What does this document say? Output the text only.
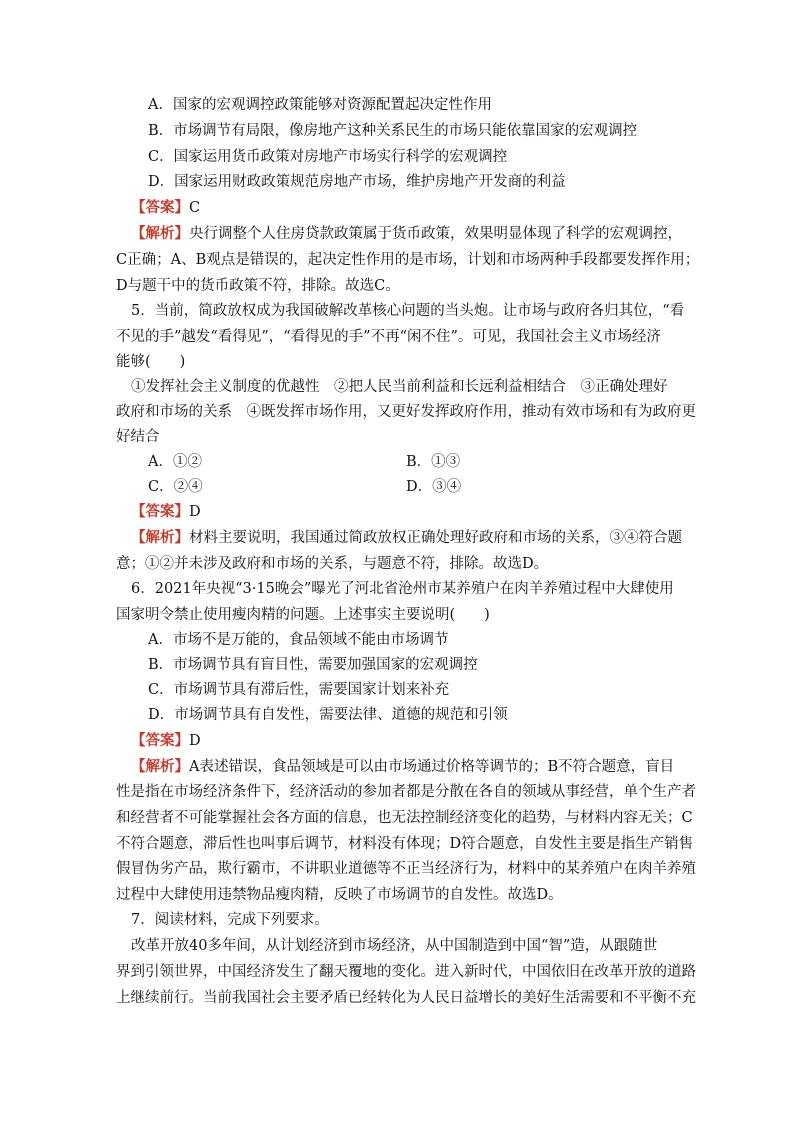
A．国家的宏观调控政策能够对资源配置起决定性作用
B．市场调节有局限，像房地产这种关系民生的市场只能依靠国家的宏观调控
C．国家运用货币政策对房地产市场实行科学的宏观调控
D．国家运用财政政策规范房地产市场，维护房地产开发商的利益
【答案】C
【解析】央行调整个人住房贷款政策属于货币政策，效果明显体现了科学的宏观调控，
C正确；A、B观点是错误的，起决定性作用的是市场，计划和市场两种手段都要发挥作用；
D与题干中的货币政策不符，排除。故选C。
5．当前，简政放权成为我国破解改革核心问题的当头炮。让市场与政府各归其位，“看
不见的手”越发“看得见”，“看得见的手”不再“闲不住”。可见，我国社会主义市场经济
能够(　　)
①发挥社会主义制度的优越性　②把人民当前利益和长远利益相结合　③正确处理好
政府和市场的关系　④既发挥市场作用，又更好发挥政府作用，推动有效市场和有为政府更
好结合
A．①②	B．①③
C．②④	D．③④
【答案】D
【解析】材料主要说明，我国通过简政放权正确处理好政府和市场的关系，③④符合题
意；①②并未涉及政府和市场的关系，与题意不符，排除。故选D。
6．2021年央视“3·15晚会”曝光了河北省沧州市某养殖户在肉羊养殖过程中大肆使用
国家明令禁止使用瘦肉精的问题。上述事实主要说明(　　)
A．市场不是万能的，食品领域不能由市场调节
B．市场调节具有盲目性，需要加强国家的宏观调控
C．市场调节具有滞后性，需要国家计划来补充
D．市场调节具有自发性，需要法律、道德的规范和引领
【答案】D
【解析】A表述错误，食品领域是可以由市场通过价格等调节的；B不符合题意，盲目
性是指在市场经济条件下，经济活动的参加者都是分散在各自的领域从事经营，单个生产者
和经营者不可能掌握社会各方面的信息，也无法控制经济变化的趋势，与材料内容无关；C
不符合题意，滞后性也叫事后调节，材料没有体现；D符合题意，自发性主要是指生产销售
假冒伪劣产品，欺行霸市，不讲职业道德等不正当经济行为，材料中的某养殖户在肉羊养殖
过程中大肆使用违禁物品瘦肉精，反映了市场调节的自发性。故选D。
7．阅读材料，完成下列要求。
改革开放40多年间，从计划经济到市场经济，从中国制造到中国“智”造，从跟随世
界到引领世界，中国经济发生了翻天覆地的变化。进入新时代，中国依旧在改革开放的道路
上继续前行。当前我国社会主要矛盾已经转化为人民日益增长的美好生活需要和不平衡不充
